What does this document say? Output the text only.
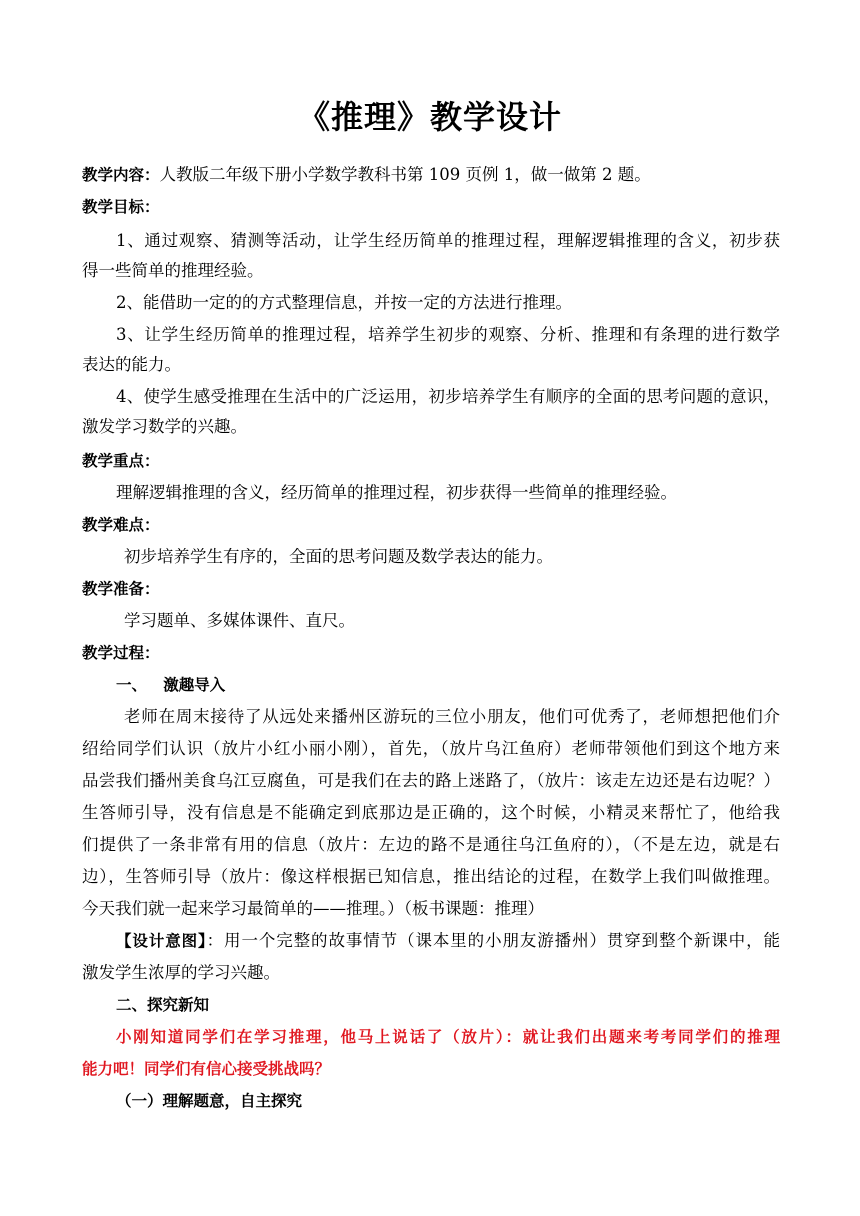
《推理》教学设计
教学内容：人教版二年级下册小学数学教科书第 109 页例 1，做一做第 2 题。
教学目标：
1、通过观察、猜测等活动，让学生经历简单的推理过程，理解逻辑推理的含义，初步获
得一些简单的推理经验。
2、能借助一定的的方式整理信息，并按一定的方法进行推理。
3、让学生经历简单的推理过程，培养学生初步的观察、分析、推理和有条理的进行数学
表达的能力。
4、使学生感受推理在生活中的广泛运用，初步培养学生有顺序的全面的思考问题的意识，
激发学习数学的兴趣。
教学重点：
理解逻辑推理的含义，经历简单的推理过程，初步获得一些简单的推理经验。
教学难点：
初步培养学生有序的，全面的思考问题及数学表达的能力。
教学准备：
学习题单、多媒体课件、直尺。
教学过程：
一、   激趣导入
老师在周末接待了从远处来播州区游玩的三位小朋友，他们可优秀了，老师想把他们介
绍给同学们认识（放片小红小丽小刚），首先，（放片乌江鱼府）老师带领他们到这个地方来
品尝我们播州美食乌江豆腐鱼，可是我们在去的路上迷路了，（放片：该走左边还是右边呢？）
生答师引导，没有信息是不能确定到底那边是正确的，这个时候，小精灵来帮忙了，他给我
们提供了一条非常有用的信息（放片：左边的路不是通往乌江鱼府的），（不是左边，就是右
边），生答师引导（放片：像这样根据已知信息，推出结论的过程，在数学上我们叫做推理。
今天我们就一起来学习最简单的——推理。）（板书课题：推理）
【设计意图】：用一个完整的故事情节（课本里的小朋友游播州）贯穿到整个新课中，能
激发学生浓厚的学习兴趣。
二、探究新知
小刚知道同学们在学习推理，他马上说话了（放片）：就让我们出题来考考同学们的推理
能力吧！同学们有信心接受挑战吗？
（一）理解题意，自主探究
